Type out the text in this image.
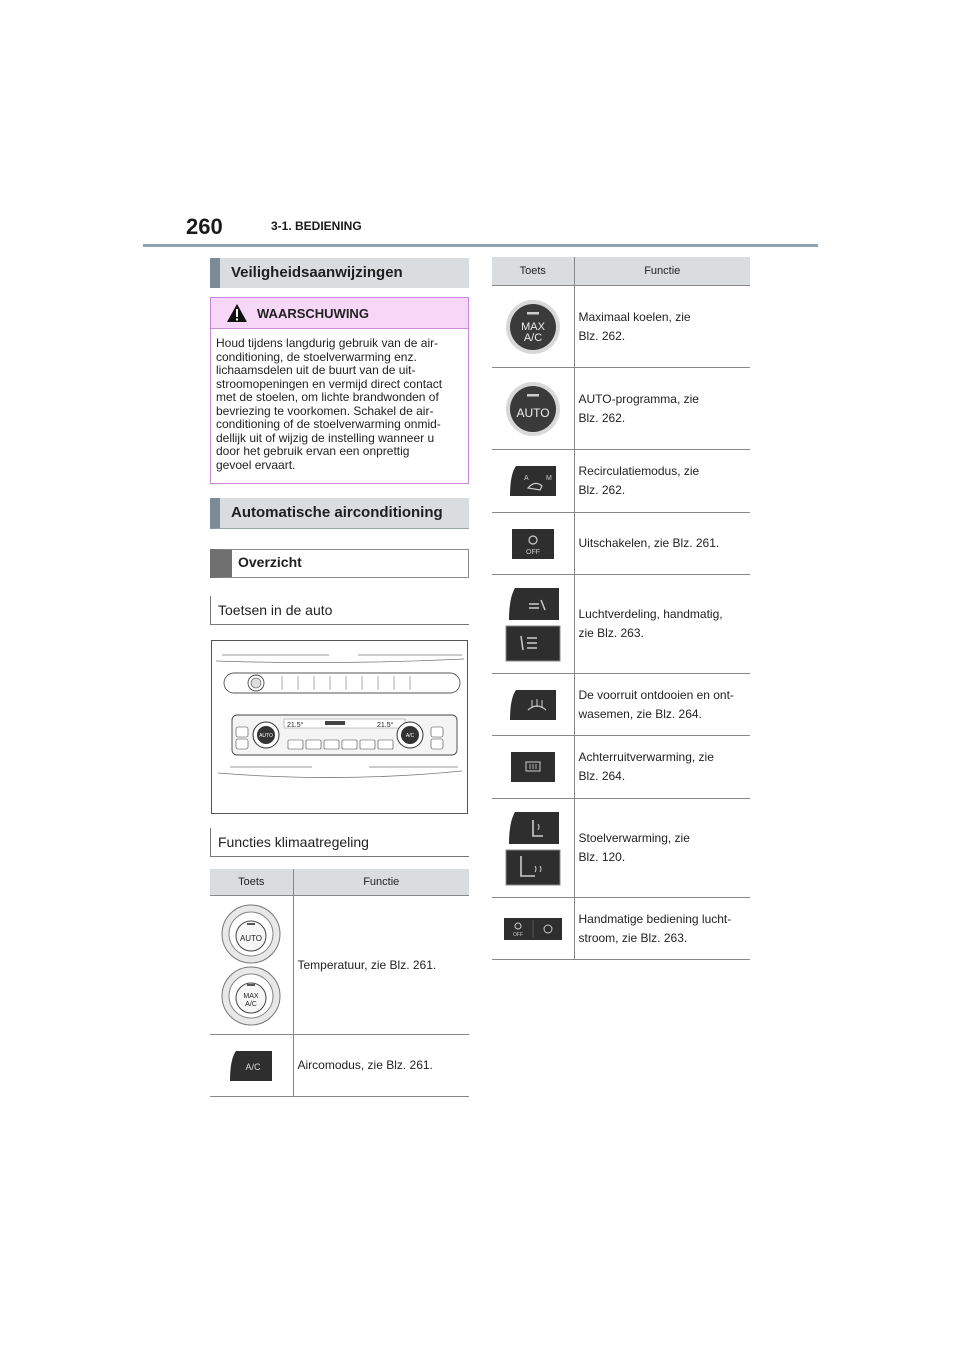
260	3-1. BEDIENING
Veiligheidsaanwijzingen
WAARSCHUWING
Houd tijdens langdurig gebruik van de air-
conditioning, de stoelverwarming enz.
lichaamsdelen uit de buurt van de uit-
stroomopeningen en vermijd direct contact
met de stoelen, om lichte brandwonden of
bevriezing te voorkomen. Schakel de air-
conditioning of de stoelverwarming onmid-
dellijk uit of wijzig de instelling wanneer u
door het gebruik ervan een onprettig
gevoel ervaart.
Automatische airconditioning
Overzicht
Toetsen in de auto
21.5°	21.5°
AUTO	A/C
Functies klimaatregeling
Toets	Functie

AUTO
MAX
A/C	Temperatuur, zie Blz. 261.

A/C	Aircomodus, zie Blz. 261.
Toets	Functie

MAX
A/C	Maximaal koelen, zie
Blz. 262.

AUTO	AUTO-programma, zie
Blz. 262.

A M	Recirculatiemodus, zie
Blz. 262.

OFF	Uitschakelen, zie Blz. 261.
	Luchtverdeling, handmatig,
zie Blz. 263.
	De voorruit ontdooien en ont-
wasemen, zie Blz. 264.
	Achterruitverwarming, zie
Blz. 264.
	Stoelverwarming, zie
Blz. 120.

OFF	Handmatige bediening lucht-
stroom, zie Blz. 263.
